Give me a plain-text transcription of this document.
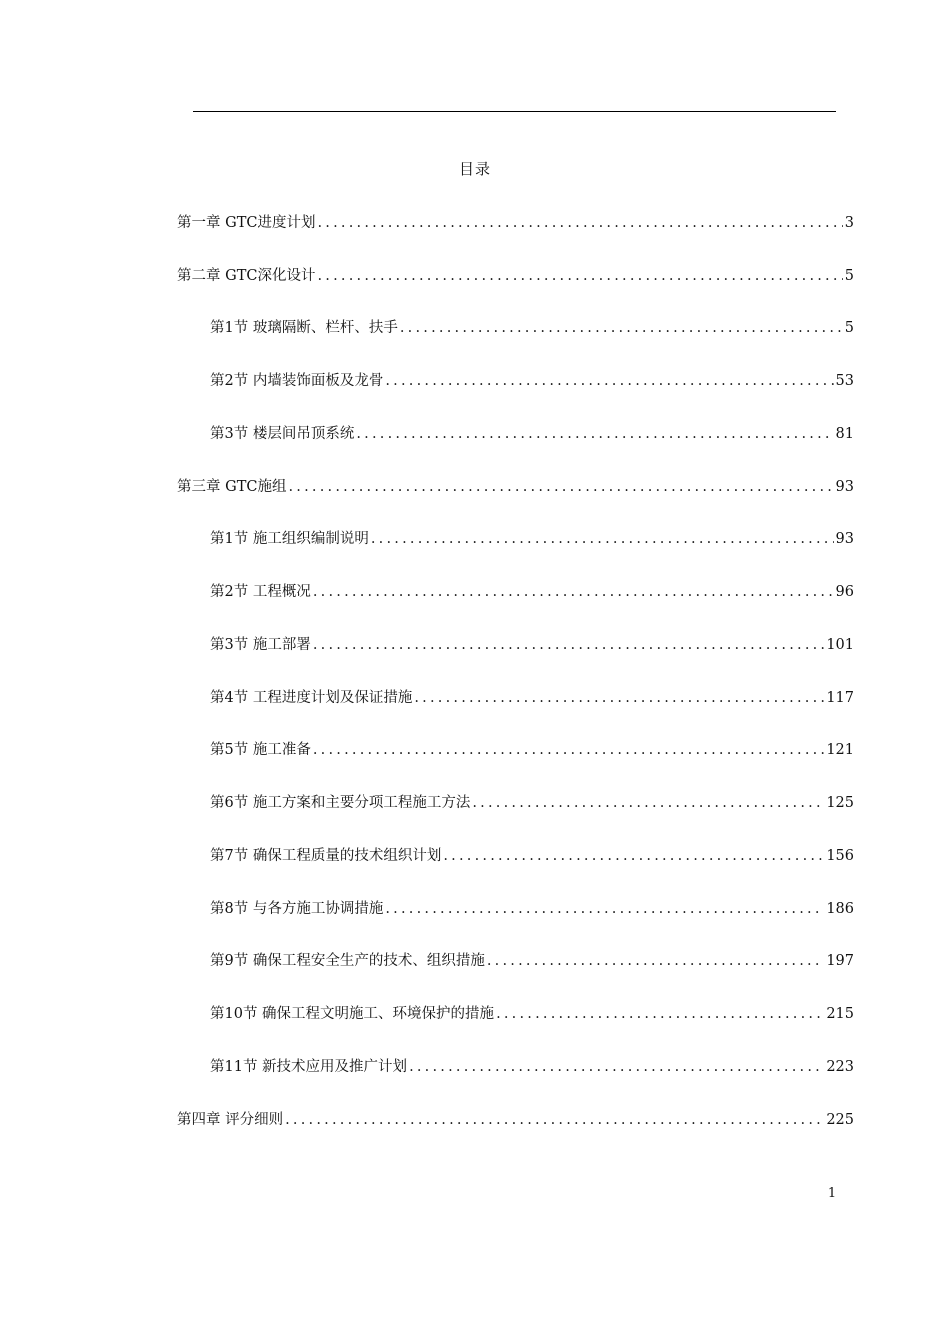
目录
第一章 GTC进度计划 .....	3
第二章 GTC深化设计 .....	5
第1节 玻璃隔断、栏杆、扶手 .....	5
第2节 内墙装饰面板及龙骨 .....	53
第3节 楼层间吊顶系统 .....	81
第三章 GTC施组 .....	93
第1节 施工组织编制说明 .....	93
第2节 工程概况 .....	96
第3节 施工部署 .....	101
第4节 工程进度计划及保证措施 .....	117
第5节 施工准备 .....	121
第6节 施工方案和主要分项工程施工方法 .....	125
第7节 确保工程质量的技术组织计划 .....	156
第8节 与各方施工协调措施 .....	186
第9节 确保工程安全生产的技术、组织措施 .....	197
第10节 确保工程文明施工、环境保护的措施 .....	215
第11节 新技术应用及推广计划 .....	223
第四章 评分细则 .....	225
1
